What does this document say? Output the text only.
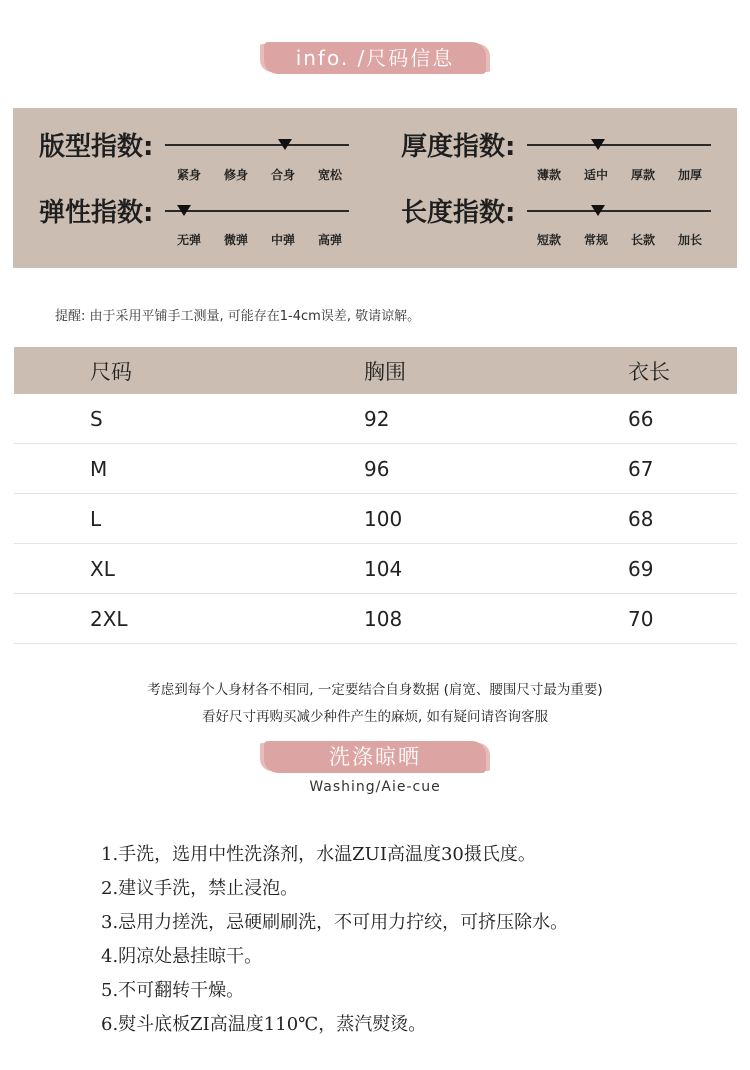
info. /尺码信息
版型指数:
紧身 修身 合身 宽松
厚度指数:
薄款 适中 厚款 加厚
弹性指数:
无弹 微弹 中弹 高弹
长度指数:
短款 常规 长款 加长
提醒: 由于采用平铺手工测量, 可能存在1-4cm误差, 敬请谅解。
尺码	胸围	衣长
S	92	66
M	96	67
L	100	68
XL	104	69
2XL	108	70
考虑到每个人身材各不相同, 一定要结合自身数据 (肩宽、腰围尺寸最为重要)
看好尺寸再购买减少种件产生的麻烦, 如有疑问请咨询客服
洗涤晾晒
Washing/Aie-cue
1.手洗，选用中性洗涤剂，水温ZUI高温度30摄氏度。
2.建议手洗，禁止浸泡。
3.忌用力搓洗，忌硬刷刷洗，不可用力拧绞，可挤压除水。
4.阴凉处悬挂晾干。
5.不可翻转干燥。
6.熨斗底板ZI高温度110℃，蒸汽熨烫。
